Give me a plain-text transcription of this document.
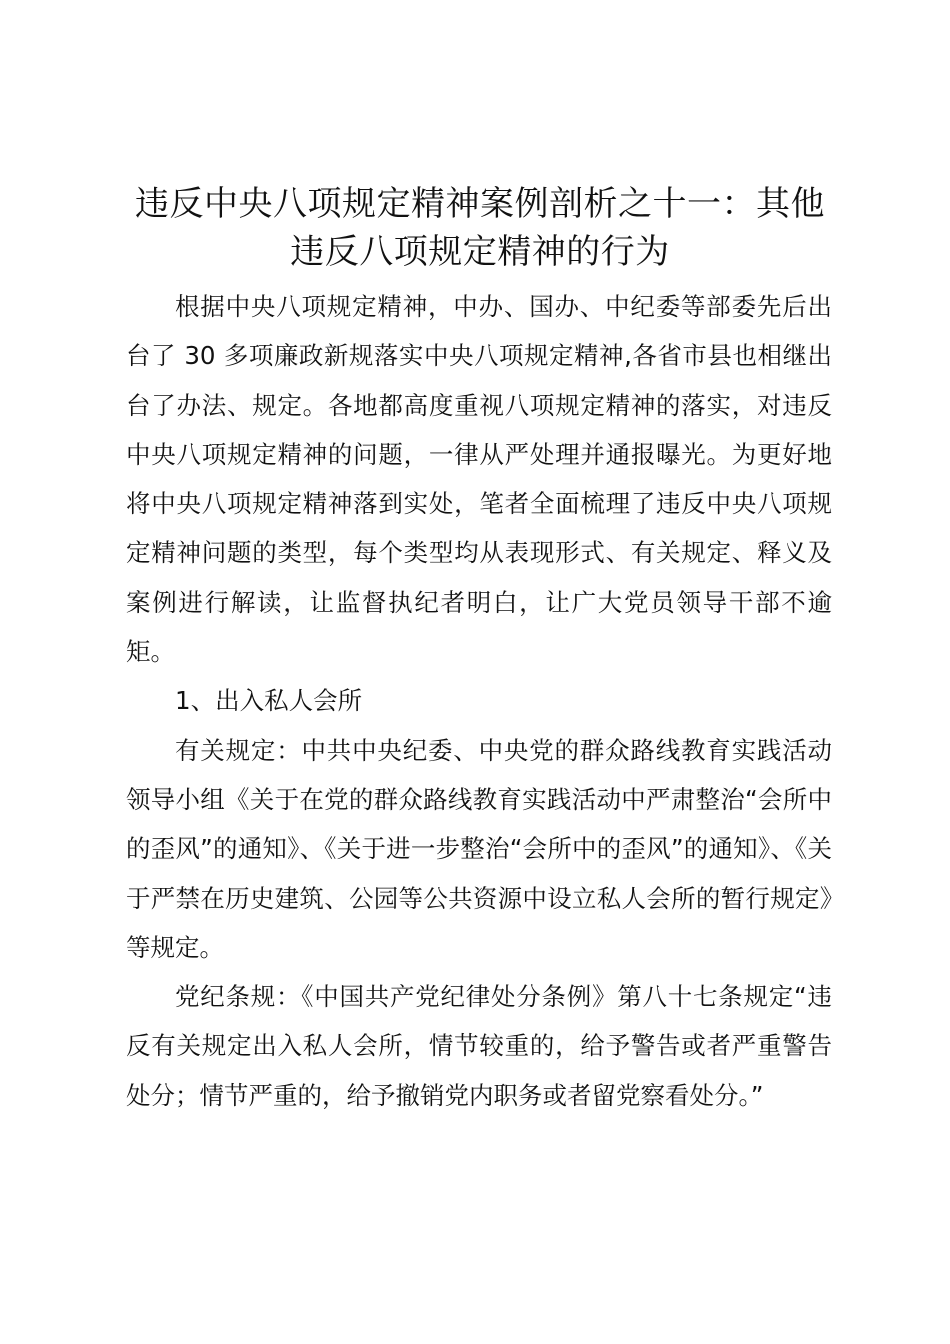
违反中央八项规定精神案例剖析之十一：其他
违反八项规定精神的行为

根据中央八项规定精神，中办、国办、中纪委等部委先后出台了 30 多项廉政新规落实中央八项规定精神,各省市县也相继出台了办法、规定。各地都高度重视八项规定精神的落实，对违反中央八项规定精神的问题，一律从严处理并通报曝光。为更好地将中央八项规定精神落到实处，笔者全面梳理了违反中央八项规定精神问题的类型，每个类型均从表现形式、有关规定、释义及案例进行解读，让监督执纪者明白，让广大党员领导干部不逾矩。

1、出入私人会所

有关规定：中共中央纪委、中央党的群众路线教育实践活动领导小组《关于在党的群众路线教育实践活动中严肃整治“会所中的歪风”的通知》、《关于进一步整治“会所中的歪风”的通知》、《关于严禁在历史建筑、公园等公共资源中设立私人会所的暂行规定》等规定。

党纪条规：《中国共产党纪律处分条例》第八十七条规定“违反有关规定出入私人会所，情节较重的，给予警告或者严重警告处分；情节严重的，给予撤销党内职务或者留党察看处分。”
